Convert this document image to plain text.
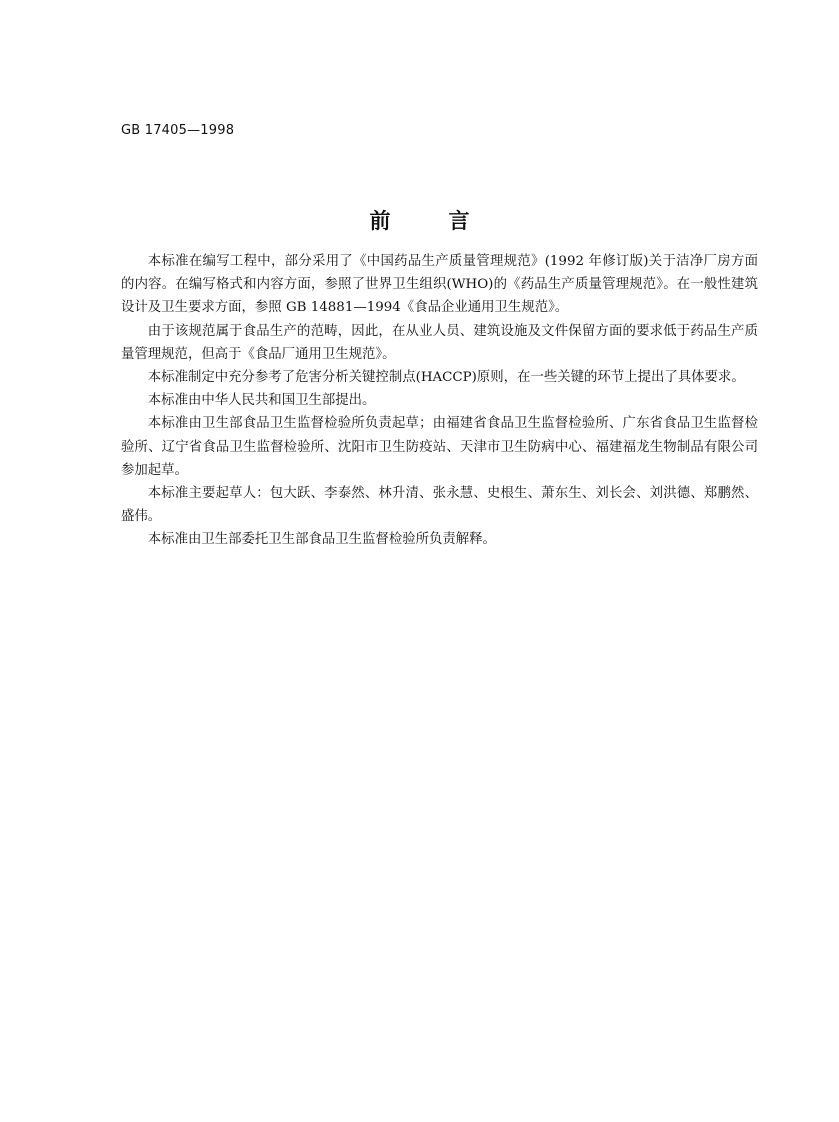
GB 17405—1998
前	言

本标准在编写工程中，部分采用了《中国药品生产质量管理规范》(1992 年修订版)关于洁净厂房方面的内容。在编写格式和内容方面，参照了世界卫生组织(WHO)的《药品生产质量管理规范》。在一般性建筑设计及卫生要求方面，参照 GB 14881—1994《食品企业通用卫生规范》。

由于该规范属于食品生产的范畴，因此，在从业人员、建筑设施及文件保留方面的要求低于药品生产质量管理规范，但高于《食品厂通用卫生规范》。

本标准制定中充分参考了危害分析关键控制点(HACCP)原则，在一些关键的环节上提出了具体要求。

本标准由中华人民共和国卫生部提出。

本标准由卫生部食品卫生监督检验所负责起草；由福建省食品卫生监督检验所、广东省食品卫生监督检验所、辽宁省食品卫生监督检验所、沈阳市卫生防疫站、天津市卫生防病中心、福建福龙生物制品有限公司参加起草。

本标准主要起草人：包大跃、李泰然、林升清、张永慧、史根生、萧东生、刘长会、刘洪德、郑鹏然、盛伟。

本标准由卫生部委托卫生部食品卫生监督检验所负责解释。
